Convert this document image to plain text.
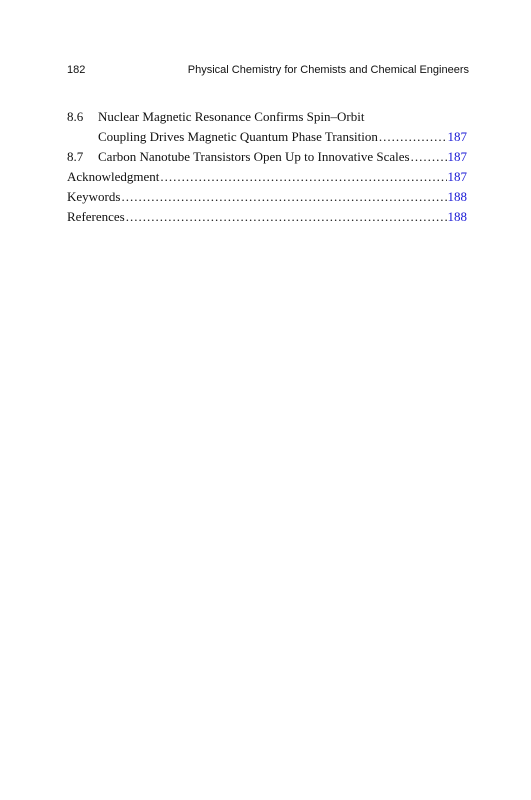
182	Physical Chemistry for Chemists and Chemical Engineers
8.6	Nuclear Magnetic Resonance Confirms Spin–Orbit
Coupling Drives Magnetic Quantum Phase Transition .....	187
8.7	Carbon Nanotube Transistors Open Up to Innovative Scales .....	187
Acknowledgment .....	187
Keywords .....	188
References .....	188
